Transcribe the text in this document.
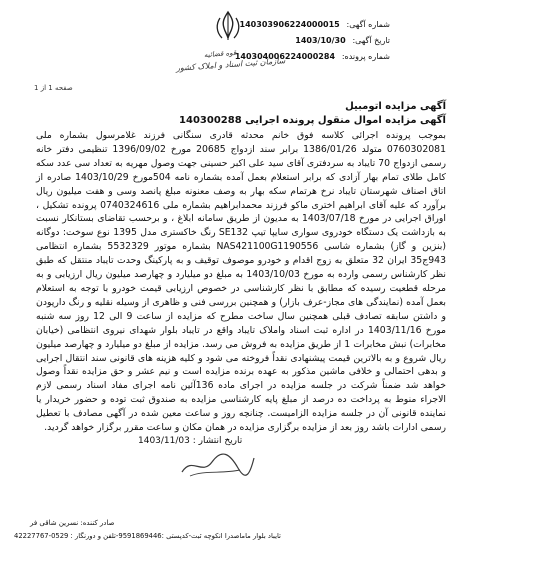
قوه قضائیه
سازمان ثبت اسناد و املاک کشور
صفحه 1 از 1
شماره آگهی: 140303906224000015
تاریخ آگهی: 1403/10/30
شماره پرونده: 140304006224000284
آگهی مزایده اتومبیل
آگهی مزایده اموال منقول پرونده اجرایی 140300288

بموجب پرونده اجرائی کلاسه فوق خانم محدثه قادری سنگانی فرزند غلامرسول بشماره ملی 0760302081 متولد 1386/01/26 برابر سند ازدواج 20685 مورخ 1396/09/02 تنظیمی دفتر خانه رسمی ازدواج 70 تایباد به سردفتری آقای سید علی اکبر حسینی جهت وصول مهریه به تعداد سی عدد سکه کامل طلای تمام بهار آزادی که برابر استعلام بعمل آمده بشماره نامه 504مورخ 1403/10/29 صادره از اتاق اصناف شهرستان تایباد نرخ هرتمام سکه بهار به وصف معنونه مبلغ پانصد وسی و هفت میلیون ریال برآورد که علیه آقای ابراهیم اختری ماکو فرزند محمدابراهیم بشماره ملی 0740324616 پرونده تشکیل ، اوراق اجرایی در مورخ 1403/07/18 به مدیون از طریق سامانه ابلاغ ، و برحسب تقاضای بستانکار نسبت به بازداشت یک دستگاه خودروی سواری سایپا تیپ SE132 رنگ خاکستری مدل 1395 نوع سوخت: دوگانه (بنزین و گاز) بشماره شاسی NAS421100G1190556 بشماره موتور 5532329 بشماره انتظامی 943ج35 ایران 32 متعلق به زوج اقدام و خودرو موصوف توقیف و به پارکینگ وحدت تایباد منتقل که طبق نظر کارشناس رسمی وارده به مورخ 1403/10/03 به مبلغ دو میلیارد و چهارصد میلیون ریال ارزیابی و به مرحله قطعیت رسیده که مطابق با نظر کارشناسی در خصوص ارزیابی قیمت خودرو با توجه به استعلام بعمل آمده (نمایندگی های مجاز-عرف بازار) و همچنین بررسی فنی و ظاهری از وسیله نقلیه و رنگ دارپودن و داشتن سابقه تصادف قبلی همچنین سال ساخت مطرح که مزایده از ساعت 9 الی 12 روز سه شنبه مورخ 1403/11/16 در اداره ثبت اسناد واملاک تایباد واقع در تایباد بلوار شهدای نیروی انتظامی (خیابان مخابرات) نبش مخابرات 1 از طریق مزایده به فروش می رسد. مزایده از مبلغ دو میلیارد و چهارصد میلیون ریال شروع و به بالاترین قیمت پیشنهادی نقداً فروخته می شود و کلیه هزینه های قانونی سند انتقال اجرایی و بدهی احتمالی و خلافی ماشین مذکور به عهده برنده مزایده است و نیم عشر و حق مزایده نقداً وصول خواهد شد ضمناً شرکت در جلسه مزایده در اجرای ماده 136آئین نامه اجرای مفاد اسناد رسمی لازم الاجراء منوط به پرداخت ده درصد از مبلغ پایه کارشناسی مزایده به صندوق ثبت توده و حضور خریدار یا نماینده قانونی آن در جلسه مزایده الزامیست. چنانچه روز و ساعت معین شده در آگهی مصادف با تعطیل رسمی ادارات باشد روز بعد از مزایده برگزاری مزایده در همان مکان و ساعت مقرر برگزار خواهد گردید.

تاریخ انتشار : 1403/11/03
صادر کننده: نسرین شاقی فر
تایباد بلوار ماماصدرا انکوچه ثبت-کدپستی :9591869446-تلفن و دورنگار : 0529-42227767
